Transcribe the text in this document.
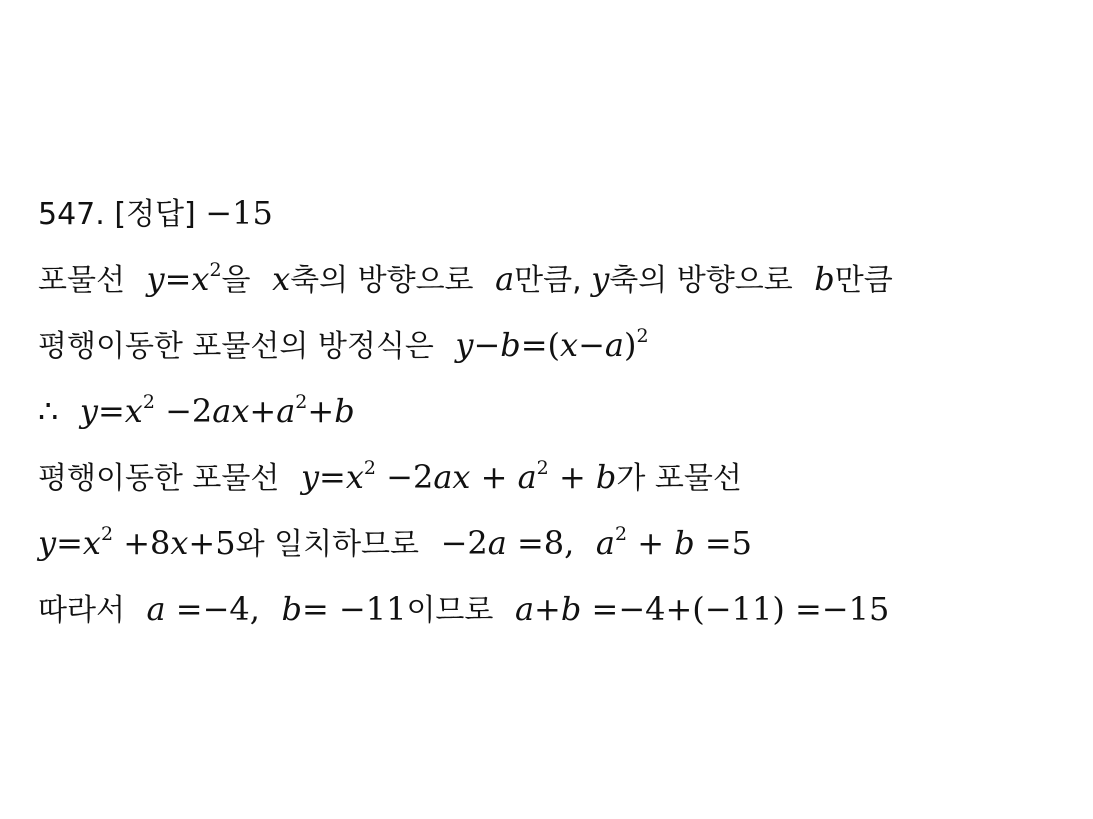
547. [정답] −15
포물선 $y=x^2$을 x축의 방향으로 a만큼, y축의 방향으로 b만큼
평행이동한 포물선의 방정식은 $y-b=(x-a)^2$
∴ $y=x^2 -2ax+a^2+b$
평행이동한 포물선 $y=x^2 -2ax + a^2 + b$가 포물선
$y=x^2 +8x+5$와 일치하므로 −2a =8, $a^2 + b =5$
따라서 a =−4, b= −11이므로 a+b =−4+(−11) =−15
